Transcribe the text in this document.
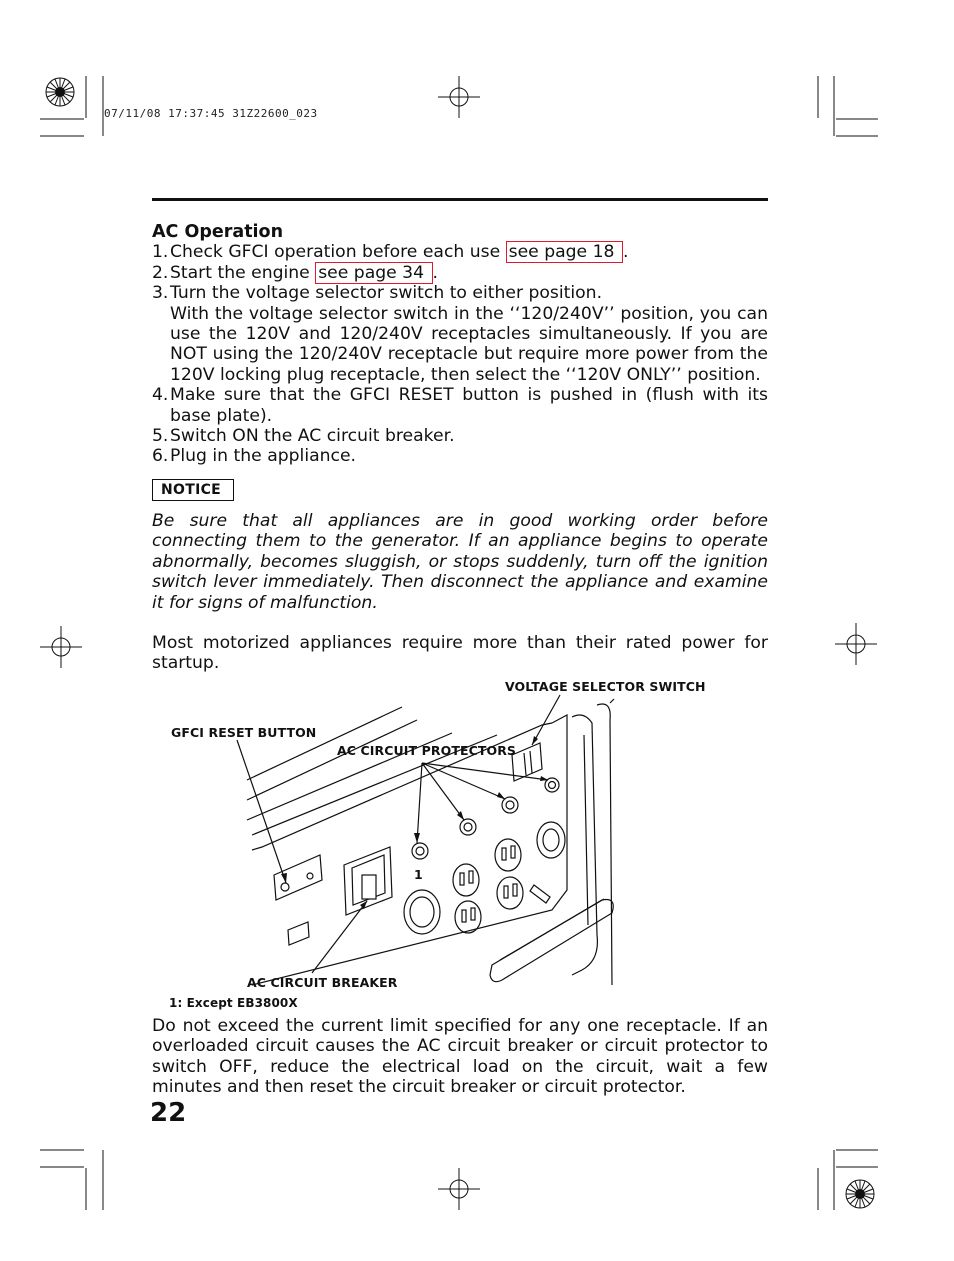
07/11/08 17:37:45 31Z22600_023

AC Operation

1. Check GFCI operation before each use see page 18 .
2. Start the engine see page 34 .
3. Turn the voltage selector switch to either position.
With the voltage selector switch in the ‘‘120/240V’’ position, you can use the 120V and 120/240V receptacles simultaneously. If you are NOT using the 120/240V receptacle but require more power from the 120V locking plug receptacle, then select the ‘‘120V ONLY’’ position.
4. Make sure that the GFCI RESET button is pushed in (flush with its base plate).
5. Switch ON the AC circuit breaker.
6. Plug in the appliance.
NOTICE

Be sure that all appliances are in good working order before connecting them to the generator. If an appliance begins to operate abnormally, becomes sluggish, or stops suddenly, turn off the ignition switch lever immediately. Then disconnect the appliance and examine it for signs of malfunction.

Most motorized appliances require more than their rated power for startup.

VOLTAGE SELECTOR SWITCH
GFCI RESET BUTTON
AC CIRCUIT PROTECTORS
1
AC CIRCUIT BREAKER
1: Except EB3800X
Do not exceed the current limit specified for any one receptacle. If an overloaded circuit causes the AC circuit breaker or circuit protector to switch OFF, reduce the electrical load on the circuit, wait a few minutes and then reset the circuit breaker or circuit protector.
22
